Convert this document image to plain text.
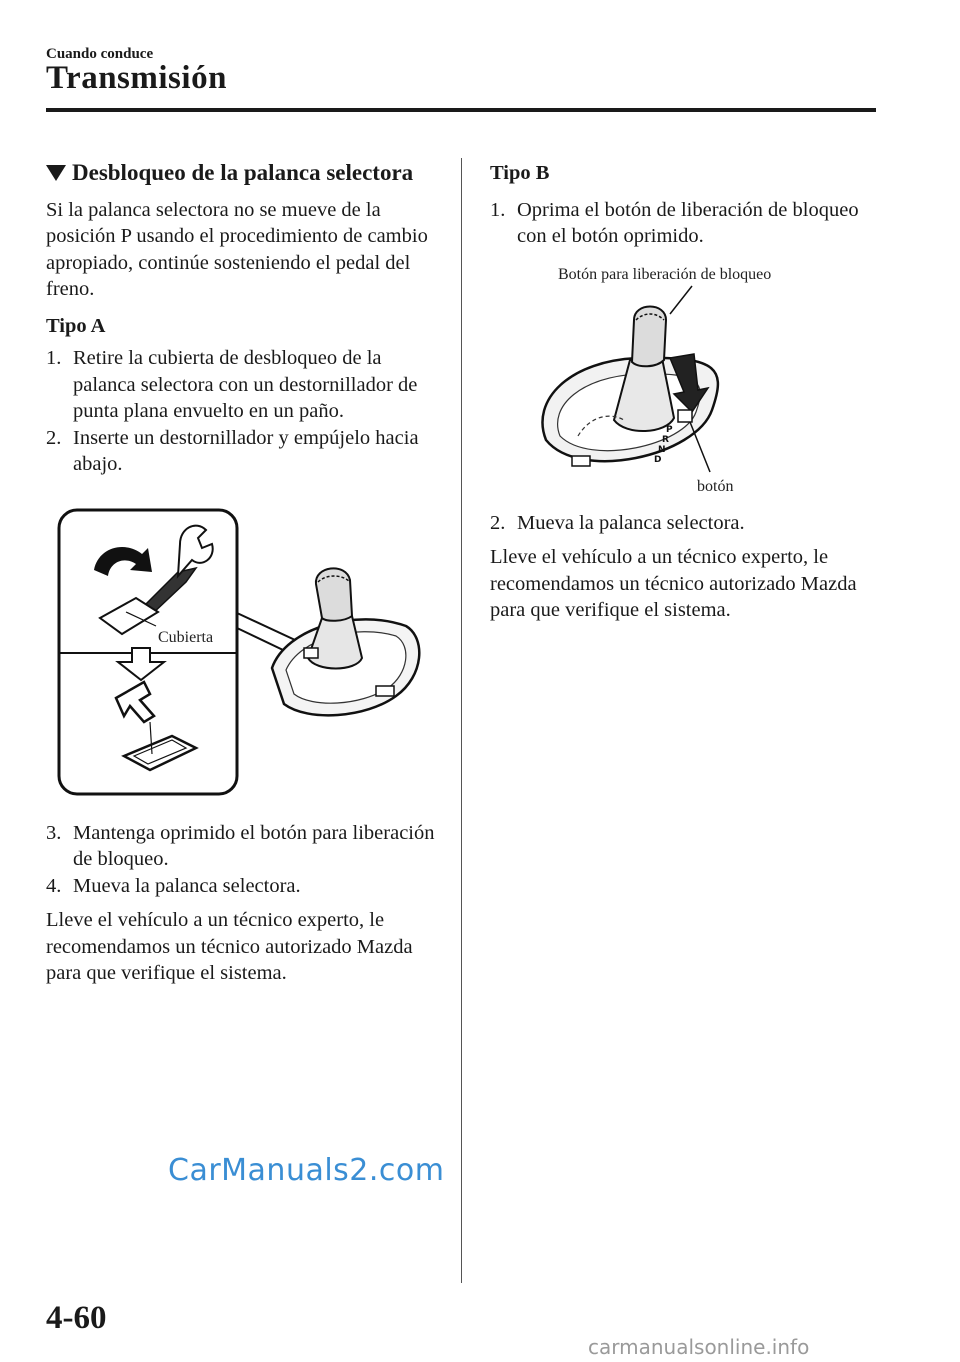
Cuando conduce
Transmisión
Desbloqueo de la palanca selectora

Si la palanca selectora no se mueve de la posición P usando el procedimiento de cambio apropiado, continúe sosteniendo el pedal del freno.

Tipo A
1. Retire la cubierta de desbloqueo de la palanca selectora con un destornillador de punta plana envuelto en un paño.
2. Inserte un destornillador y empújelo hacia abajo.
Cubierta
3. Mantenga oprimido el botón para liberación de bloqueo.
4. Mueva la palanca selectora.

Lleve el vehículo a un técnico experto, le recomendamos un técnico autorizado Mazda para que verifique el sistema.

Tipo B
1. Oprima el botón de liberación de bloqueo con el botón oprimido.
Botón para liberación de bloqueo
P
R
N
D
botón
2. Mueva la palanca selectora.

Lleve el vehículo a un técnico experto, le recomendamos un técnico autorizado Mazda para que verifique el sistema.

CarManuals2.com
4-60
carmanualsonline.info
